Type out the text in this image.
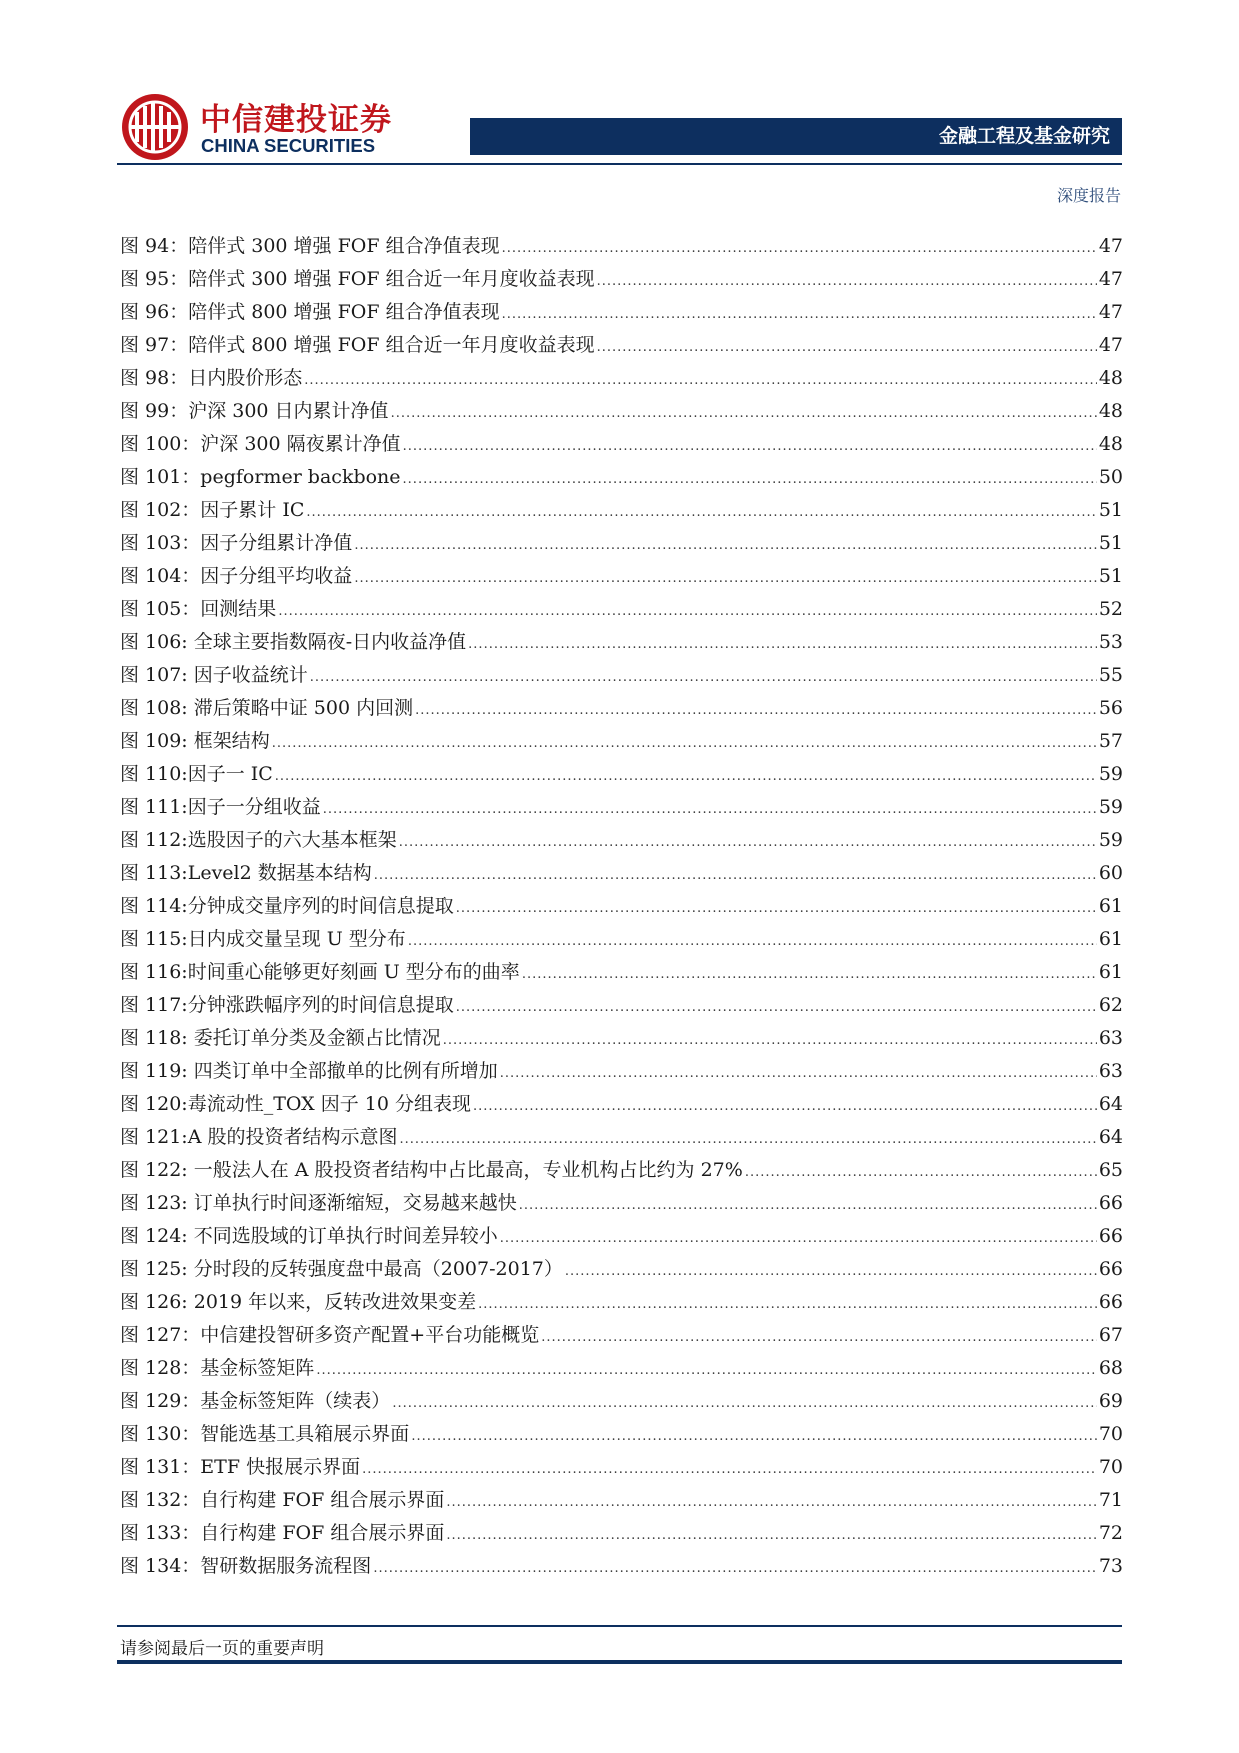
中信建投证券
CHINA SECURITIES	金融工程及基金研究
深度报告
图 94：陪伴式 300 增强 FOF 组合净值表现 .....	47
图 95：陪伴式 300 增强 FOF 组合近一年月度收益表现 .....	47
图 96：陪伴式 800 增强 FOF 组合净值表现 .....	47
图 97：陪伴式 800 增强 FOF 组合近一年月度收益表现 .....	47
图 98：日内股价形态 .....	48
图 99：沪深 300 日内累计净值 .....	48
图 100：沪深 300 隔夜累计净值 .....	48
图 101：pegformer backbone .....	50
图 102：因子累计 IC .....	51
图 103：因子分组累计净值 .....	51
图 104：因子分组平均收益 .....	51
图 105：回测结果 .....	52
图 106: 全球主要指数隔夜-日内收益净值 .....	53
图 107: 因子收益统计 .....	55
图 108: 滞后策略中证 500 内回测 .....	56
图 109: 框架结构 .....	57
图 110:因子一 IC .....	59
图 111:因子一分组收益 .....	59
图 112:选股因子的六大基本框架 .....	59
图 113:Level2 数据基本结构 .....	60
图 114:分钟成交量序列的时间信息提取 .....	61
图 115:日内成交量呈现 U 型分布 .....	61
图 116:时间重心能够更好刻画 U 型分布的曲率 .....	61
图 117:分钟涨跌幅序列的时间信息提取 .....	62
图 118: 委托订单分类及金额占比情况 .....	63
图 119: 四类订单中全部撤单的比例有所增加 .....	63
图 120:毒流动性_TOX 因子 10 分组表现 .....	64
图 121:A 股的投资者结构示意图 .....	64
图 122: 一般法人在 A 股投资者结构中占比最高，专业机构占比约为 27% .....	65
图 123: 订单执行时间逐渐缩短，交易越来越快 .....	66
图 124: 不同选股域的订单执行时间差异较小 .....	66
图 125: 分时段的反转强度盘中最高（2007-2017） .....	66
图 126: 2019 年以来，反转改进效果变差 .....	66
图 127：中信建投智研多资产配置+平台功能概览 .....	67
图 128：基金标签矩阵 .....	68
图 129：基金标签矩阵（续表） .....	69
图 130：智能选基工具箱展示界面 .....	70
图 131：ETF 快报展示界面 .....	70
图 132：自行构建 FOF 组合展示界面 .....	71
图 133：自行构建 FOF 组合展示界面 .....	72
图 134：智研数据服务流程图 .....	73
请参阅最后一页的重要声明
